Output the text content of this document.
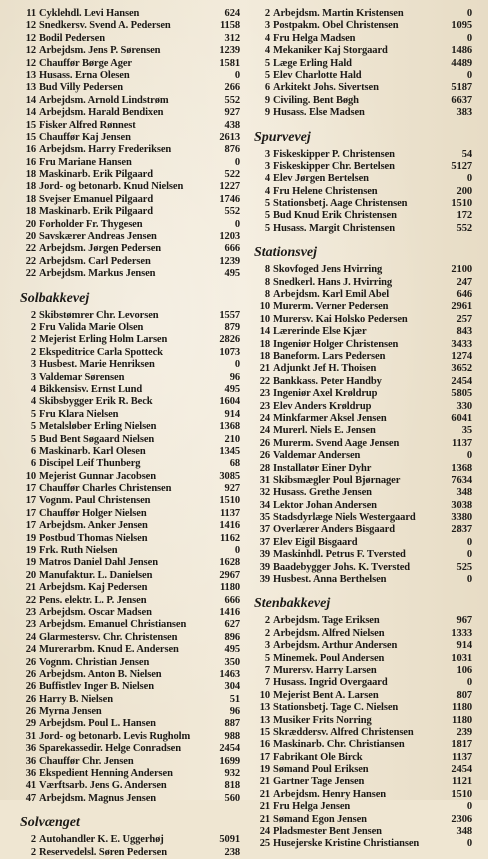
11 Cyklehdl. Levi Hansen	624
12 Snedkersv. Svend A. Pedersen	1158
12 Bodil Pedersen	312
12 Arbejdsm. Jens P. Sørensen	1239
12 Chauffør Børge Ager	1581
13 Husass. Erna Olesen	0
13 Bud Villy Pedersen	266
14 Arbejdsm. Arnold Lindstrøm	552
14 Arbejdsm. Harald Bendixen	927
15 Fisker Alfred Rønnest	438
15 Chauffør Kaj Jensen	2613
16 Arbejdsm. Harry Frederiksen	876
16 Fru Mariane Hansen	0
18 Maskinarb. Erik Pilgaard	522
18 Jord- og betonarb. Knud Nielsen	1227
18 Svejser Emanuel Pilgaard	1746
18 Maskinarb. Erik Pilgaard	552
20 Forholder Fr. Thygesen	0
20 Savskærer Andreas Jensen	1203
22 Arbejdsm. Jørgen Pedersen	666
22 Arbejdsm. Carl Pedersen	1239
22 Arbejdsm. Markus Jensen	495
Solbakkevej
2 Skibstømrer Chr. Levorsen	1557
2 Fru Valida Marie Olsen	879
2 Mejerist Erling Holm Larsen	2826
2 Ekspeditrice Carla Spotteck	1073
3 Husbest. Marie Henriksen	0
3 Valdemar Sørensen	96
4 Bikkensisv. Ernst Lund	495
4 Skibsbygger Erik R. Beck	1604
5 Fru Klara Nielsen	914
5 Metalsløber Erling Nielsen	1368
5 Bud Bent Søgaard Nielsen	210
6 Maskinarb. Karl Olesen	1345
6 Discipel Leif Thunberg	68
10 Mejerist Gunnar Jacobsen	3085
17 Chauffør Charles Christensen	927
17 Vognm. Paul Christensen	1510
17 Chauffør Holger Nielsen	1137
17 Arbejdsm. Anker Jensen	1416
19 Postbud Thomas Nielsen	1162
19 Frk. Ruth Nielsen	0
19 Matros Daniel Dahl Jensen	1628
20 Manufaktur. L. Danielsen	2967
21 Arbejdsm. Kaj Pedersen	1180
22 Pens. elektr. L. P. Jensen	666
23 Arbejdsm. Oscar Madsen	1416
23 Arbejdsm. Emanuel Christiansen	627
24 Glarmestersv. Chr. Christensen	896
24 Murerarbm. Knud E. Andersen	495
26 Vognm. Christian Jensen	350
26 Arbejdsm. Anton B. Nielsen	1463
26 Buffistlev Inger B. Nielsen	304
26 Harry B. Nielsen	51
26 Myrna Jensen	96
29 Arbejdsm. Poul L. Hansen	887
31 Jord- og betonarb. Levis Rugholm	988
36 Sparekassedir. Helge Conradsen	2454
36 Chauffør Chr. Jensen	1699
36 Ekspedient Henning Andersen	932
41 Værftsarb. Jens G. Andersen	818
47 Arbejdsm. Magnus Jensen	560
Solvænget
2 Autohandler K. E. Uggerhøj	5091
2 Reservedelsl. Søren Pedersen	238
2 Arbejdsm. Martin Kristensen	0
3 Postpakm. Obel Christensen	1095
4 Fru Helga Madsen	0
4 Mekaniker Kaj Storgaard	1486
5 Læge Erling Hald	4489
5 Elev Charlotte Hald	0
6 Arkitekt Johs. Sivertsen	5187
9 Civiling. Bent Bøgh	6637
9 Husass. Else Madsen	383
Spurvevej
3 Fiskeskipper P. Christensen	54
3 Fiskeskipper Chr. Bertelsen	5127
4 Elev Jørgen Bertelsen	0
4 Fru Helene Christensen	200
5 Stationsbetj. Aage Christensen	1510
5 Bud Knud Erik Christensen	172
5 Husass. Margit Christensen	552
Stationsvej
8 Skovfoged Jens Hvirring	2100
8 Snedkerl. Hans J. Hvirring	247
8 Arbejdsm. Karl Emil Abel	646
10 Murerm. Verner Pedersen	2961
10 Murersv. Kai Holsko Pedersen	257
14 Lærerinde Else Kjær	843
18 Ingeniør Holger Christensen	3433
18 Baneform. Lars Pedersen	1274
21 Adjunkt Jef H. Thoisen	3652
22 Bankkass. Peter Handby	2454
23 Ingeniør Axel Krøldrup	5805
23 Elev Anders Krøldrup	330
24 Minkfarmer Aksel Jensen	6041
24 Murerl. Niels E. Jensen	35
26 Murerm. Svend Aage Jensen	1137
26 Valdemar Andersen	0
28 Installatør Einer Dyhr	1368
31 Skibsmægler Poul Bjørnager	7634
32 Husass. Grethe Jensen	348
34 Lektor Johan Andersen	3038
35 Stadsdyrlæge Niels Westergaard	3380
37 Overlærer Anders Bisgaard	2837
37 Elev Eigil Bisgaard	0
39 Maskinhdl. Petrus F. Tversted	0
39 Baadebygger Johs. K. Tversted	525
39 Husbest. Anna Berthelsen	0
Stenbakkevej
2 Arbejdsm. Tage Eriksen	967
2 Arbejdsm. Alfred Nielsen	1333
3 Arbejdsm. Arthur Andersen	914
5 Minemek. Poul Andersen	1031
7 Murersv. Harry Larsen	106
7 Husass. Ingrid Overgaard	0
10 Mejerist Bent A. Larsen	807
13 Stationsbetj. Tage C. Nielsen	1180
13 Musiker Frits Norring	1180
15 Skræddersv. Alfred Christensen	239
16 Maskinarb. Chr. Christiansen	1817
17 Fabrikant Ole Birck	1137
19 Sømand Poul Eriksen	2454
21 Gartner Tage Jensen	1121
21 Arbejdsm. Henry Hansen	1510
21 Fru Helga Jensen	0
21 Sømand Egon Jensen	2306
24 Pladsmester Bent Jensen	348
25 Husejerske Kristine Christiansen	0
